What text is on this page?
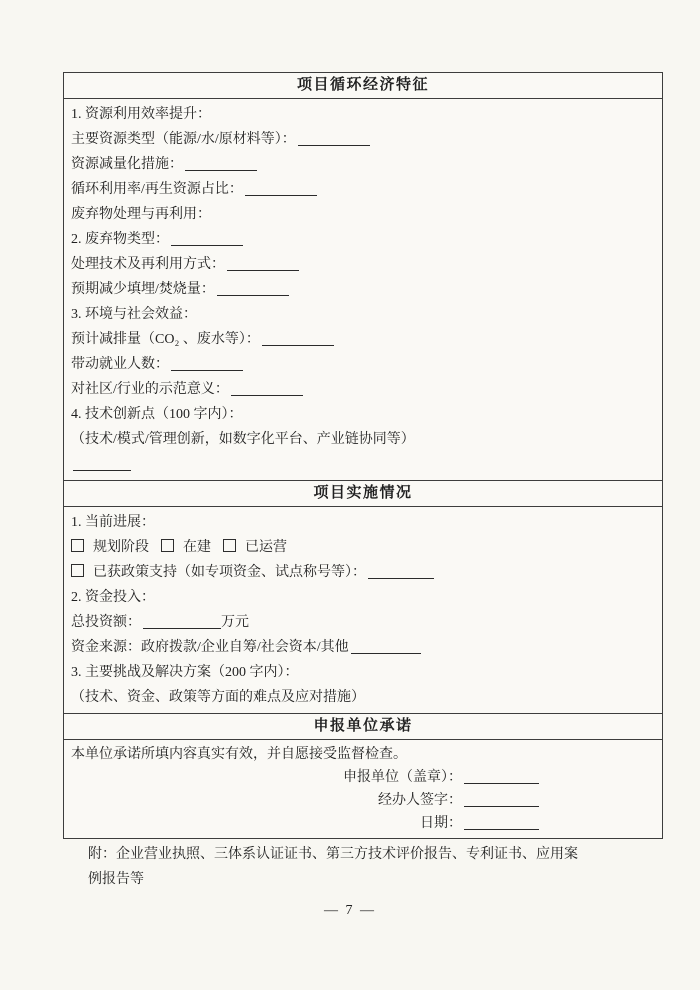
项目循环经济特征
1. 资源利用效率提升：
主要资源类型（能源/水/原材料等）：
资源减量化措施：
循环利用率/再生资源占比：
废弃物处理与再利用：
2. 废弃物类型：
处理技术及再利用方式：
预期减少填埋/焚烧量：
3. 环境与社会效益：
预计减排量（CO₂ 、废水等）：
带动就业人数：
对社区/行业的示范意义：
4. 技术创新点（100 字内）：
（技术/模式/管理创新，如数字化平台、产业链协同等）
项目实施情况
1. 当前进展：
规划阶段 在建 已运营
已获政策支持（如专项资金、试点称号等）：
2. 资金投入：
总投资额：	万元
资金来源：政府拨款/企业自筹/社会资本/其他
3. 主要挑战及解决方案（200 字内）：
（技术、资金、政策等方面的难点及应对措施）
申报单位承诺
本单位承诺所填内容真实有效，并自愿接受监督检查。
申报单位（盖章）：
经办人签字：
日期：
附：企业营业执照、三体系认证证书、第三方技术评价报告、专利证书、应用案例报告等
— 7 —
